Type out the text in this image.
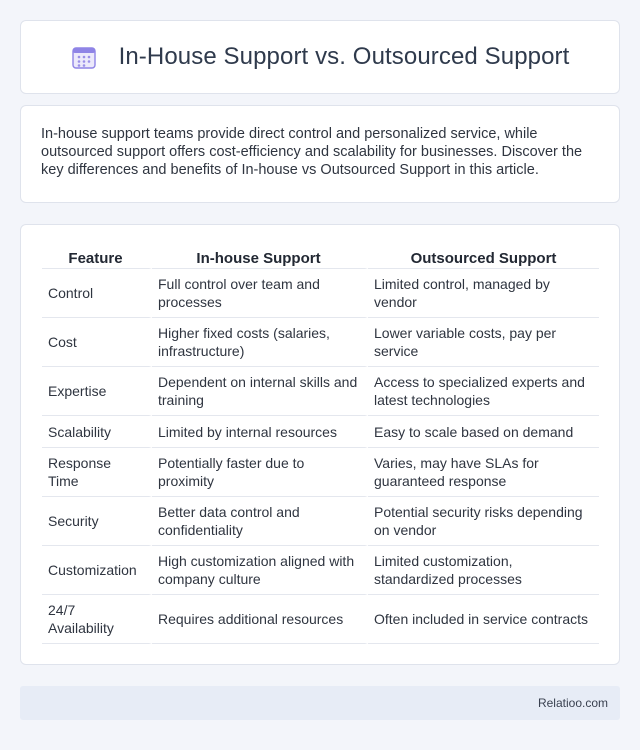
In-House Support vs. Outsourced Support

In-house support teams provide direct control and personalized service, while outsourced support offers cost-efficiency and scalability for businesses. Discover the key differences and benefits of In-house vs Outsourced Support in this article.

Feature	In-house Support	Outsourced Support
Control	Full control over team and processes	Limited control, managed by vendor
Cost	Higher fixed costs (salaries, infrastructure)	Lower variable costs, pay per service
Expertise	Dependent on internal skills and training	Access to specialized experts and latest technologies
Scalability	Limited by internal resources	Easy to scale based on demand
Response Time	Potentially faster due to proximity	Varies, may have SLAs for guaranteed response
Security	Better data control and confidentiality	Potential security risks depending on vendor
Customization	High customization aligned with company culture	Limited customization, standardized processes
24/7 Availability	Requires additional resources	Often included in service contracts
Relatioo.com
